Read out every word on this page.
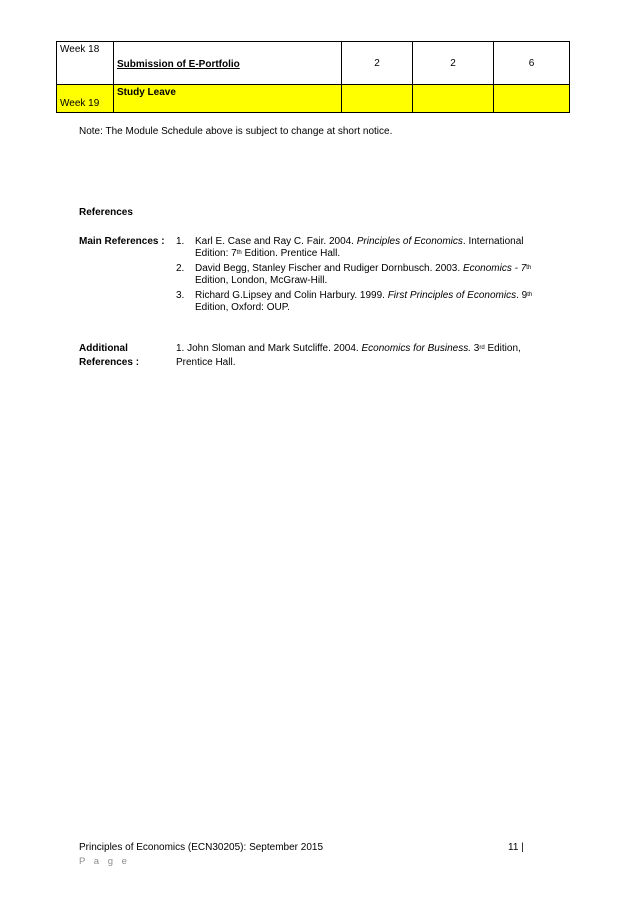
Week 18	Submission of E-Portfolio	2	2	6
Week 19	Study Leave			

Note: The Module Schedule above is subject to change at short notice.
References
Main References : 1.	Karl E. Case and Ray C. Fair. 2004. Principles of Economics. International Edition: 7th Edition. Prentice Hall.
2.	David Begg, Stanley Fischer and Rudiger Dornbusch. 2003. Economics - 7th Edition, London, McGraw-Hill.
3.	Richard G.Lipsey and Colin Harbury. 1999. First Principles of Economics. 9th Edition, Oxford: OUP.
Additional
References :
1. John Sloman and Mark Sutcliffe. 2004. Economics for Business. 3rd Edition, Prentice Hall.
Principles of Economics (ECN30205): September 2015
P a g e
11 |
